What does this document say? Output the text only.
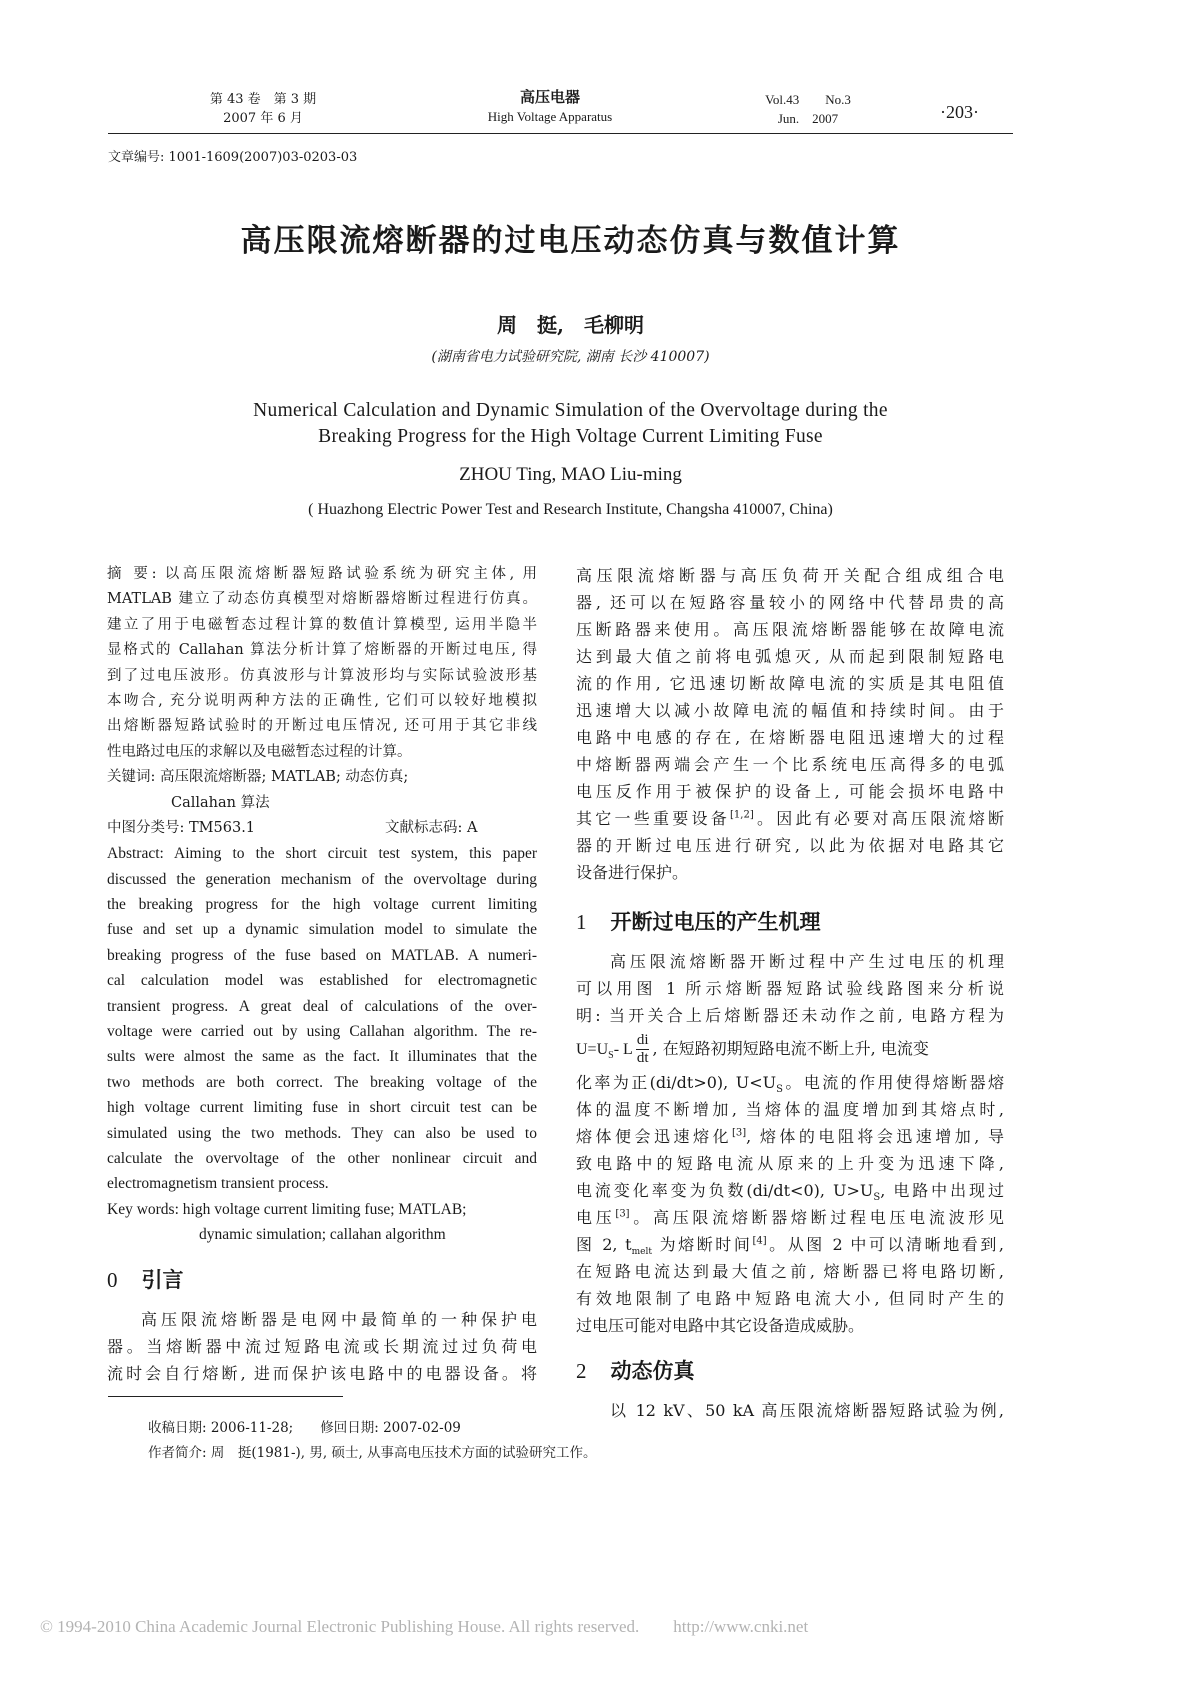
第 43 卷　第 3 期
2007 年 6 月
高压电器
High Voltage Apparatus
Vol.43　　No.3
Jun.　2007	·203·
文章编号: 1001-1609(2007)03-0203-03
高压限流熔断器的过电压动态仿真与数值计算
周　挺,　毛柳明
(湖南省电力试验研究院, 湖南 长沙 410007)
Numerical Calculation and Dynamic Simulation of the Overvoltage during the
Breaking Progress for the High Voltage Current Limiting Fuse
ZHOU Ting, MAO Liu-ming
( Huazhong Electric Power Test and Research Institute, Changsha 410007, China)
摘 要: 以高压限流熔断器短路试验系统为研究主体, 用
MATLAB 建立了动态仿真模型对熔断器熔断过程进行仿真。
建立了用于电磁暂态过程计算的数值计算模型, 运用半隐半
显格式的 Callahan 算法分析计算了熔断器的开断过电压, 得
到了过电压波形。仿真波形与计算波形均与实际试验波形基
本吻合, 充分说明两种方法的正确性, 它们可以较好地模拟
出熔断器短路试验时的开断过电压情况, 还可用于其它非线
性电路过电压的求解以及电磁暂态过程的计算。
关键词: 高压限流熔断器; MATLAB; 动态仿真;
Callahan 算法
中图分类号: TM563.1	文献标志码: A
Abstract: Aiming to the short circuit test system, this paper
discussed the generation mechanism of the overvoltage during
the breaking progress for the high voltage current limiting
fuse and set up a dynamic simulation model to simulate the
breaking progress of the fuse based on MATLAB. A numeri-
cal calculation model was established for electromagnetic
transient progress. A great deal of calculations of the over-
voltage were carried out by using Callahan algorithm. The re-
sults were almost the same as the fact. It illuminates that the
two methods are both correct. The breaking voltage of the
high voltage current limiting fuse in short circuit test can be
simulated using the two methods. They can also be used to
calculate the overvoltage of the other nonlinear circuit and
electromagnetism transient process.
Key words: high voltage current limiting fuse; MATLAB;
dynamic simulation; callahan algorithm
0 引言
高压限流熔断器是电网中最简单的一种保护电
器。当熔断器中流过短路电流或长期流过过负荷电
流时会自行熔断, 进而保护该电路中的电器设备。将
收稿日期: 2006-11-28;　　修回日期: 2007-02-09
作者简介: 周　挺(1981-), 男, 硕士, 从事高电压技术方面的试验研究工作。
高压限流熔断器与高压负荷开关配合组成组合电
器, 还可以在短路容量较小的网络中代替昂贵的高
压断路器来使用。高压限流熔断器能够在故障电流
达到最大值之前将电弧熄灭, 从而起到限制短路电
流的作用, 它迅速切断故障电流的实质是其电阻值
迅速增大以减小故障电流的幅值和持续时间。由于
电路中电感的存在, 在熔断器电阻迅速增大的过程
中熔断器两端会产生一个比系统电压高得多的电弧
电压反作用于被保护的设备上, 可能会损坏电路中
其它一些重要设备[1,2]。因此有必要对高压限流熔断
器的开断过电压进行研究, 以此为依据对电路其它
设备进行保护。
1 开断过电压的产生机理
高压限流熔断器开断过程中产生过电压的机理
可以用图 1 所示熔断器短路试验线路图来分析说
明: 当开关合上后熔断器还未动作之前, 电路方程为
$U=U_S-$ L $\frac{di}{dt}$ , 在短路初期短路电流不断上升, 电流变
化率为正(di/dt>0), $U<U_S$。电流的作用使得熔断器熔
体的温度不断增加, 当熔体的温度增加到其熔点时,
熔体便会迅速熔化[3], 熔体的电阻将会迅速增加, 导
致电路中的短路电流从原来的上升变为迅速下降,
电流变化率变为负数(di/dt<0), $U>U_S$, 电路中出现过
电压[3]。高压限流熔断器熔断过程电压电流波形见
图 2, $t_{melt}$ 为熔断时间[4]。从图 2 中可以清晰地看到,
在短路电流达到最大值之前, 熔断器已将电路切断,
有效地限制了电路中短路电流大小, 但同时产生的
过电压可能对电路中其它设备造成威胁。
2 动态仿真
以 12 kV、50 kA 高压限流熔断器短路试验为例,
© 1994-2010 China Academic Journal Electronic Publishing House. All rights reserved.　　http://www.cnki.net
